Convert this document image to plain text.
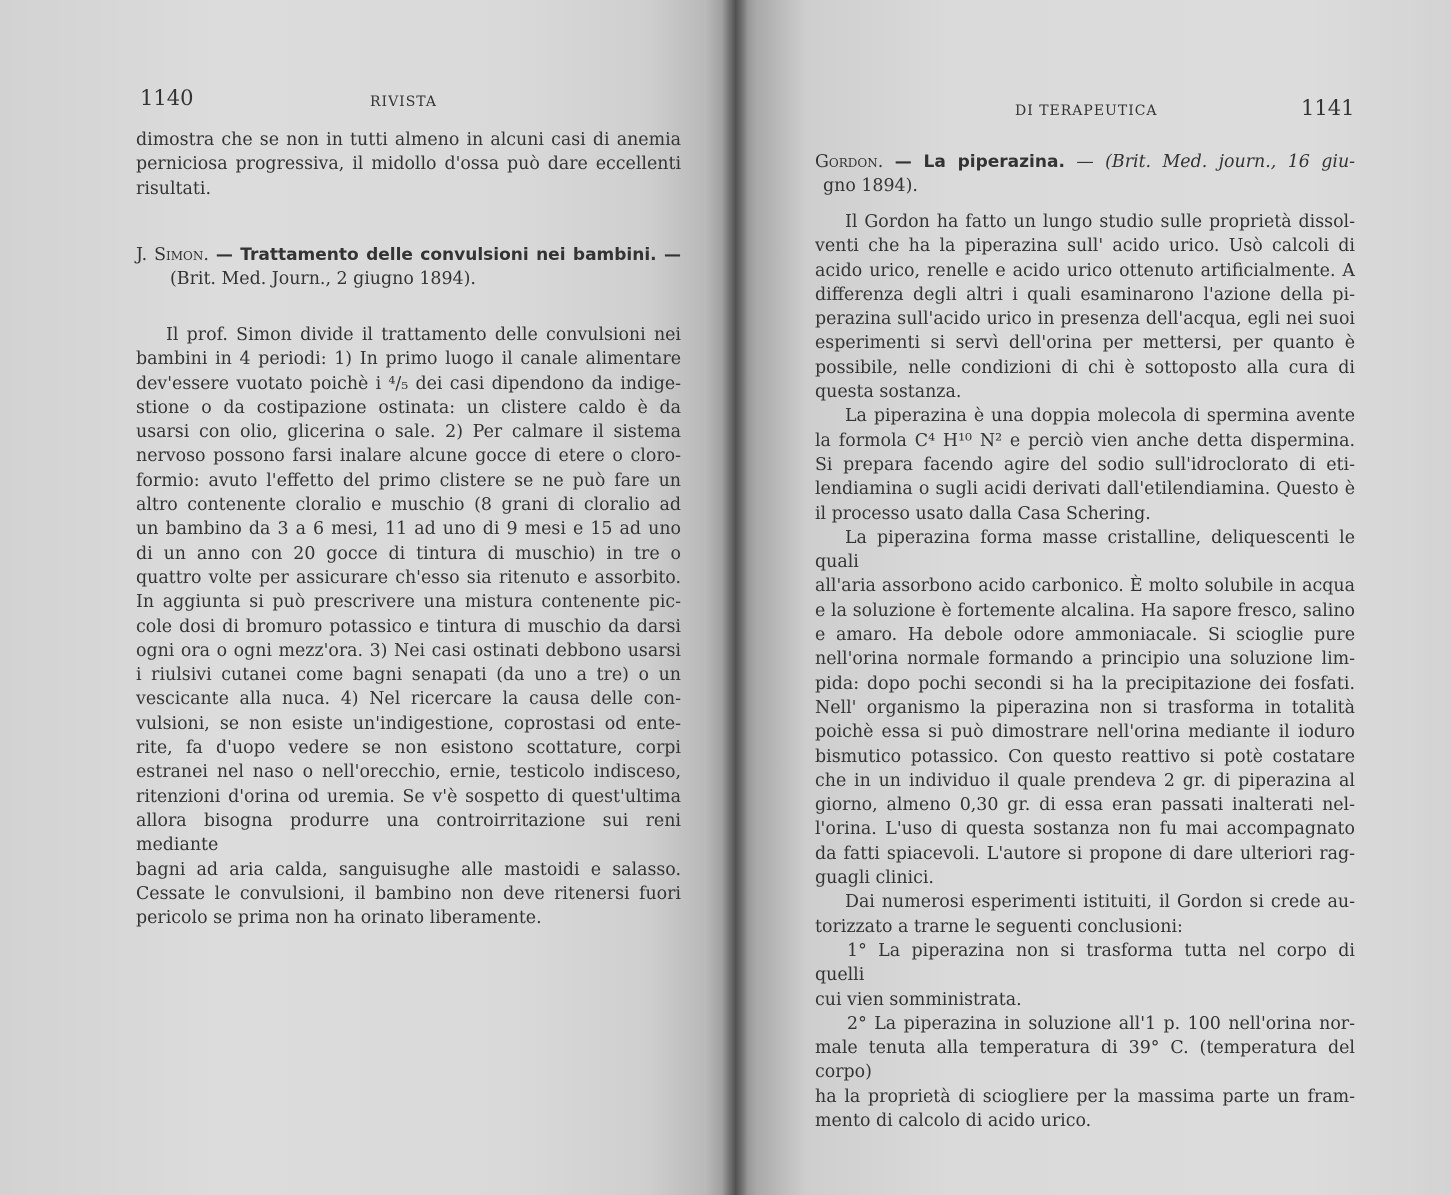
1140	RIVISTA

dimostra che se non in tutti almeno in alcuni casi di anemia

perniciosa progressiva, il midollo d'ossa può dare eccellenti

risultati.

J. Simon. — Trattamento delle convulsioni nei bambini. —

(Brit. Med. Journ., 2 giugno 1894).

Il prof. Simon divide il trattamento delle convulsioni nei

bambini in 4 periodi: 1) In primo luogo il canale alimentare

dev'essere vuotato poichè i ⁴/₅ dei casi dipendono da indige-

stione o da costipazione ostinata: un clistere caldo è da

usarsi con olio, glicerina o sale. 2) Per calmare il sistema

nervoso possono farsi inalare alcune gocce di etere o cloro-

formio: avuto l'effetto del primo clistere se ne può fare un

altro contenente cloralio e muschio (8 grani di cloralio ad

un bambino da 3 a 6 mesi, 11 ad uno di 9 mesi e 15 ad uno

di un anno con 20 gocce di tintura di muschio) in tre o

quattro volte per assicurare ch'esso sia ritenuto e assorbito.

In aggiunta si può prescrivere una mistura contenente pic-

cole dosi di bromuro potassico e tintura di muschio da darsi

ogni ora o ogni mezz'ora. 3) Nei casi ostinati debbono usarsi

i riulsivi cutanei come bagni senapati (da uno a tre) o un

vescicante alla nuca. 4) Nel ricercare la causa delle con-

vulsioni, se non esiste un'indigestione, coprostasi od ente-

rite, fa d'uopo vedere se non esistono scottature, corpi

estranei nel naso o nell'orecchio, ernie, testicolo indisceso,

ritenzioni d'orina od uremia. Se v'è sospetto di quest'ultima

allora bisogna produrre una controirritazione sui reni mediante

bagni ad aria calda, sanguisughe alle mastoidi e salasso.

Cessate le convulsioni, il bambino non deve ritenersi fuori

pericolo se prima non ha orinato liberamente.

DI TERAPEUTICA	1141

Gordon. — La piperazina. — (Brit. Med. journ., 16 giu-

gno 1894).

Il Gordon ha fatto un lungo studio sulle proprietà dissol-

venti che ha la piperazina sull' acido urico. Usò calcoli di

acido urico, renelle e acido urico ottenuto artificialmente. A

differenza degli altri i quali esaminarono l'azione della pi-

perazina sull'acido urico in presenza dell'acqua, egli nei suoi

esperimenti si servì dell'orina per mettersi, per quanto è

possibile, nelle condizioni di chi è sottoposto alla cura di

questa sostanza.

La piperazina è una doppia molecola di spermina avente

la formola C⁴ H¹⁰ N² e perciò vien anche detta dispermina.

Si prepara facendo agire del sodio sull'idroclorato di eti-

lendiamina o sugli acidi derivati dall'etilendiamina. Questo è

il processo usato dalla Casa Schering.

La piperazina forma masse cristalline, deliquescenti le quali

all'aria assorbono acido carbonico. È molto solubile in acqua

e la soluzione è fortemente alcalina. Ha sapore fresco, salino

e amaro. Ha debole odore ammoniacale. Si scioglie pure

nell'orina normale formando a principio una soluzione lim-

pida: dopo pochi secondi si ha la precipitazione dei fosfati.

Nell' organismo la piperazina non si trasforma in totalità

poichè essa si può dimostrare nell'orina mediante il ioduro

bismutico potassico. Con questo reattivo si potè costatare

che in un individuo il quale prendeva 2 gr. di piperazina al

giorno, almeno 0,30 gr. di essa eran passati inalterati nel-

l'orina. L'uso di questa sostanza non fu mai accompagnato

da fatti spiacevoli. L'autore si propone di dare ulteriori rag-

guagli clinici.

Dai numerosi esperimenti istituiti, il Gordon si crede au-

torizzato a trarne le seguenti conclusioni:

1° La piperazina non si trasforma tutta nel corpo di quelli

cui vien somministrata.

2° La piperazina in soluzione all'1 p. 100 nell'orina nor-

male tenuta alla temperatura di 39° C. (temperatura del corpo)

ha la proprietà di sciogliere per la massima parte un fram-

mento di calcolo di acido urico.
